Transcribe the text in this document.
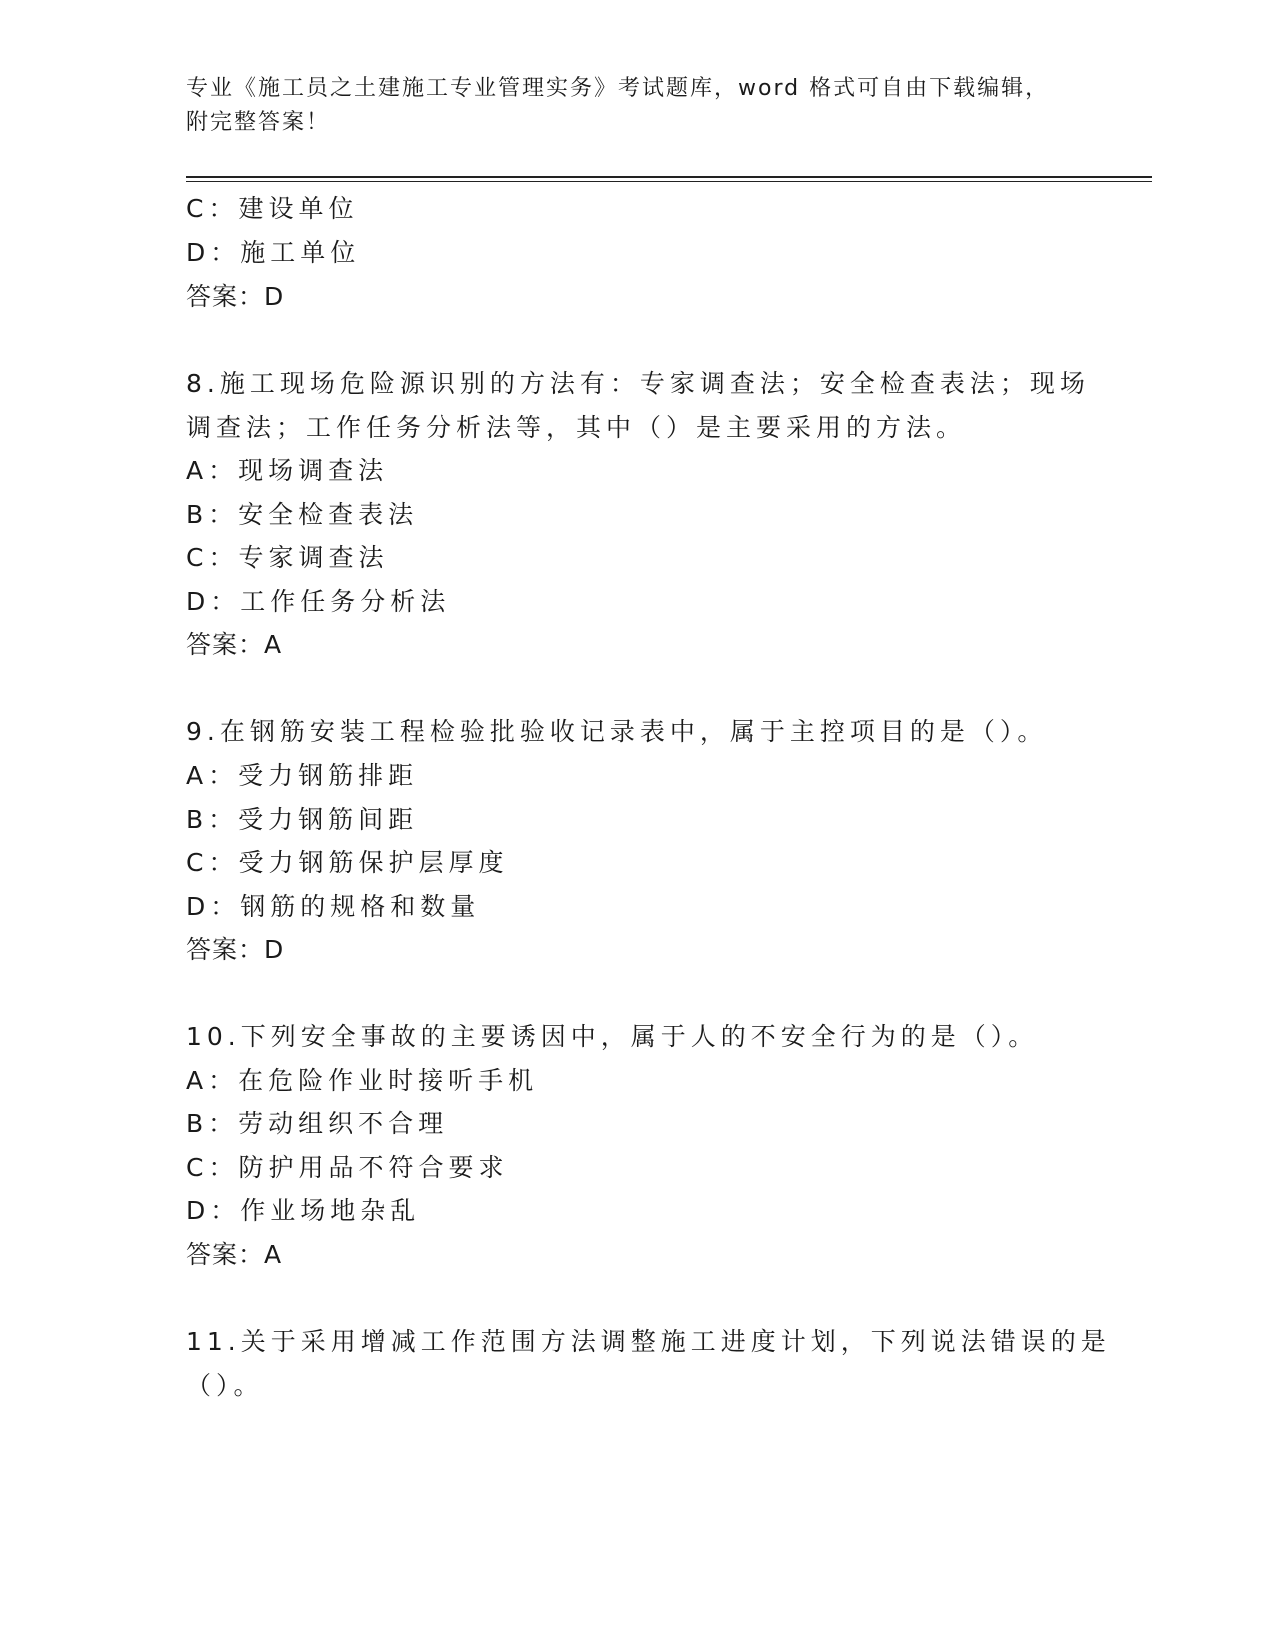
专业《施工员之土建施工专业管理实务》考试题库，word 格式可自由下载编辑，
附完整答案！
C：建设单位
D：施工单位
答案：D
8.施工现场危险源识别的方法有：专家调查法；安全检查表法；现场
调查法；工作任务分析法等，其中（）是主要采用的方法。
A：现场调查法
B：安全检查表法
C：专家调查法
D：工作任务分析法
答案：A
9.在钢筋安装工程检验批验收记录表中，属于主控项目的是（）。
A：受力钢筋排距
B：受力钢筋间距
C：受力钢筋保护层厚度
D：钢筋的规格和数量
答案：D
10.下列安全事故的主要诱因中，属于人的不安全行为的是（）。
A：在危险作业时接听手机
B：劳动组织不合理
C：防护用品不符合要求
D：作业场地杂乱
答案：A
11.关于采用增减工作范围方法调整施工进度计划，下列说法错误的是
（）。
